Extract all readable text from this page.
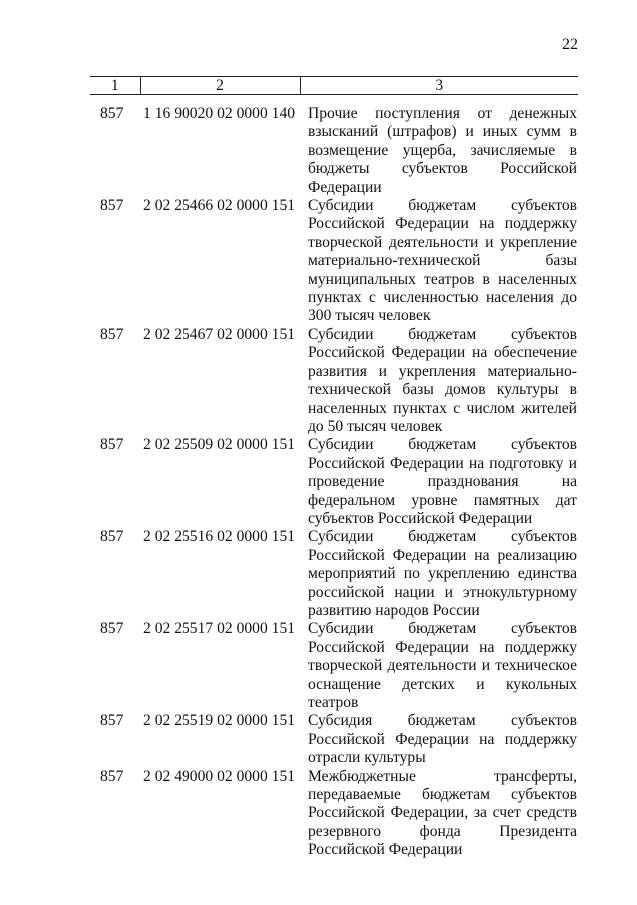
22
1	2	3
857	1 16 90020 02 0000 140	Прочие поступления от денежных взысканий (штрафов) и иных сумм в возмещение ущерба, зачисляемые в бюджеты субъектов Российской Федерации
857	2 02 25466 02 0000 151	Субсидии бюджетам субъектов Российской Федерации на поддержку творческой деятельности и укрепление материально-технической базы муниципальных театров в населенных пунктах с численностью населения до 300 тысяч человек
857	2 02 25467 02 0000 151	Субсидии бюджетам субъектов Российской Федерации на обеспечение развития и укрепления материально-технической базы домов культуры в населенных пунктах с числом жителей до 50 тысяч человек
857	2 02 25509 02 0000 151	Субсидии бюджетам субъектов Российской Федерации на подготовку и проведение празднования на федеральном уровне памятных дат субъектов Российской Федерации
857	2 02 25516 02 0000 151	Субсидии бюджетам субъектов Российской Федерации на реализацию мероприятий по укреплению единства российской нации и этнокультурному развитию народов России
857	2 02 25517 02 0000 151	Субсидии бюджетам субъектов Российской Федерации на поддержку творческой деятельности и техническое оснащение детских и кукольных театров
857	2 02 25519 02 0000 151	Субсидия бюджетам субъектов Российской Федерации на поддержку отрасли культуры
857	2 02 49000 02 0000 151	Межбюджетные трансферты, передаваемые бюджетам субъектов Российской Федерации, за счет средств резервного фонда Президента Российской Федерации
